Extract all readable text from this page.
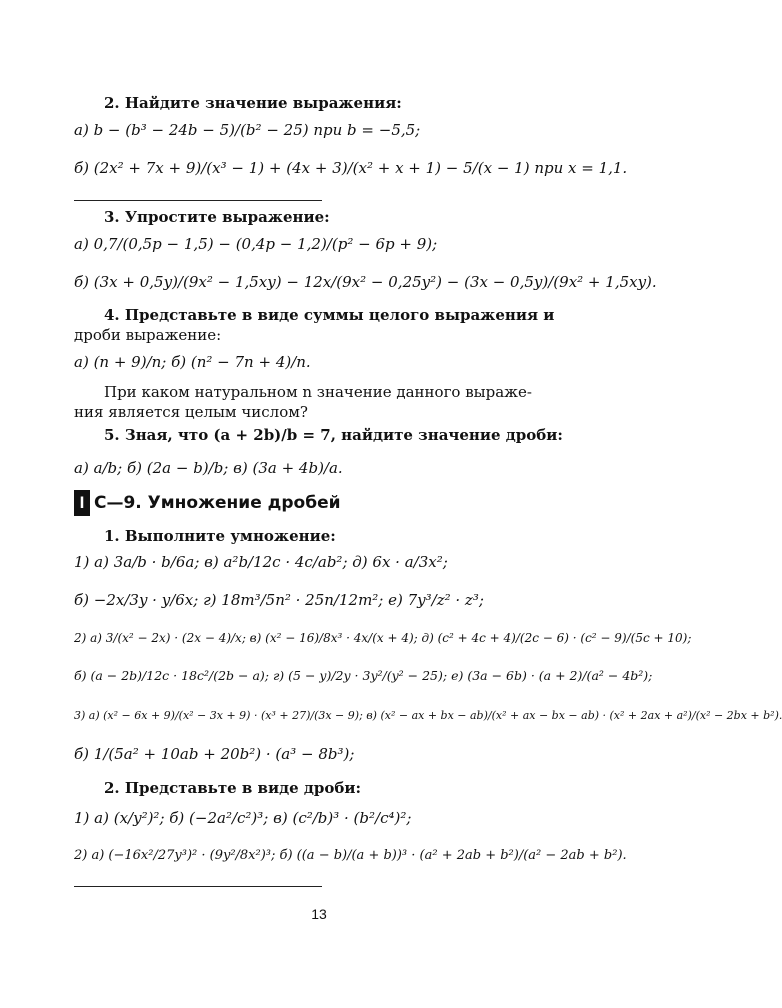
2. Найдите значение выражения:
а) b − (b³ − 24b − 5)/(b² − 25) при b = −5,5;
б) (2x² + 7x + 9)/(x³ − 1) + (4x + 3)/(x² + x + 1) − 5/(x − 1) при x = 1,1.
3. Упростите выражение:
а) 0,7/(0,5p − 1,5) − (0,4p − 1,2)/(p² − 6p + 9);
б) (3x + 0,5y)/(9x² − 1,5xy) − 12x/(9x² − 0,25y²) − (3x − 0,5y)/(9x² + 1,5xy).
4. Представьте в виде суммы целого выражения и
дроби выражение:
а) (n + 9)/n; б) (n² − 7n + 4)/n.
При каком натуральном n значение данного выраже-
ния является целым числом?
5. Зная, что (a + 2b)/b = 7, найдите значение дроби:
а) a/b; б) (2a − b)/b; в) (3a + 4b)/a.
I С—9. Умножение дробей
1. Выполните умножение:
1) а) 3a/b · b/6a; в) a²b/12c · 4c/ab²; д) 6x · a/3x²;
б) −2x/3y · y/6x; г) 18m³/5n² · 25n/12m²; е) 7y³/z² · z³;
2) а) 3/(x² − 2x) · (2x − 4)/x; в) (x² − 16)/8x³ · 4x/(x + 4); д) (c² + 4c + 4)/(2c − 6) · (c² − 9)/(5c + 10);
б) (a − 2b)/12c · 18c²/(2b − a); г) (5 − y)/2y · 3y²/(y² − 25); е) (3a − 6b) · (a + 2)/(a² − 4b²);
3) а) (x² − 6x + 9)/(x² − 3x + 9) · (x³ + 27)/(3x − 9); в) (x² − ax + bx − ab)/(x² + ax − bx − ab) · (x² + 2ax + a²)/(x² − 2bx + b²).
б) 1/(5a² + 10ab + 20b²) · (a³ − 8b³);
2. Представьте в виде дроби:
1) а) (x/y²)²; б) (−2a²/c²)³; в) (c²/b)³ · (b²/c⁴)²;
2) а) (−16x²/27y³)² · (9y²/8x²)³; б) ((a − b)/(a + b))³ · (a² + 2ab + b²)/(a² − 2ab + b²).
13
